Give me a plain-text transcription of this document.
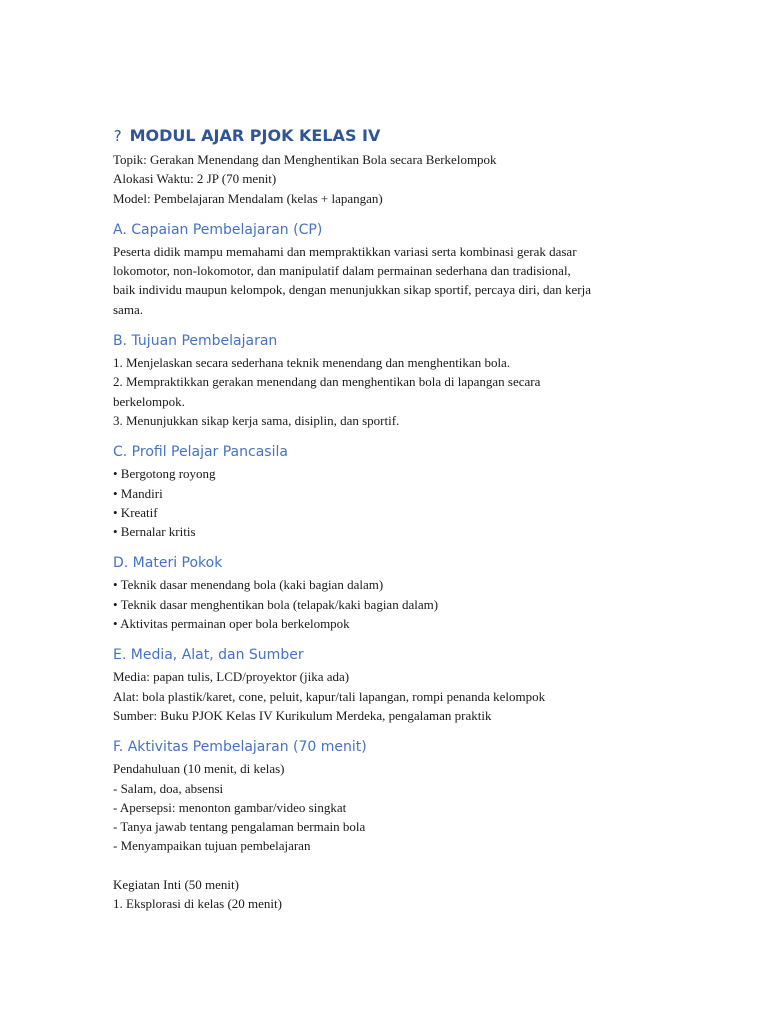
? MODUL AJAR PJOK KELAS IV
Topik: Gerakan Menendang dan Menghentikan Bola secara Berkelompok
Alokasi Waktu: 2 JP (70 menit)
Model: Pembelajaran Mendalam (kelas + lapangan)
A. Capaian Pembelajaran (CP)
Peserta didik mampu memahami dan mempraktikkan variasi serta kombinasi gerak dasar
lokomotor, non-lokomotor, dan manipulatif dalam permainan sederhana dan tradisional,
baik individu maupun kelompok, dengan menunjukkan sikap sportif, percaya diri, dan kerja
sama.
B. Tujuan Pembelajaran
1. Menjelaskan secara sederhana teknik menendang dan menghentikan bola.
2. Mempraktikkan gerakan menendang dan menghentikan bola di lapangan secara
berkelompok.
3. Menunjukkan sikap kerja sama, disiplin, dan sportif.
C. Profil Pelajar Pancasila
• Bergotong royong
• Mandiri
• Kreatif
• Bernalar kritis
D. Materi Pokok
• Teknik dasar menendang bola (kaki bagian dalam)
• Teknik dasar menghentikan bola (telapak/kaki bagian dalam)
• Aktivitas permainan oper bola berkelompok
E. Media, Alat, dan Sumber
Media: papan tulis, LCD/proyektor (jika ada)
Alat: bola plastik/karet, cone, peluit, kapur/tali lapangan, rompi penanda kelompok
Sumber: Buku PJOK Kelas IV Kurikulum Merdeka, pengalaman praktik
F. Aktivitas Pembelajaran (70 menit)
Pendahuluan (10 menit, di kelas)
- Salam, doa, absensi
- Apersepsi: menonton gambar/video singkat
- Tanya jawab tentang pengalaman bermain bola
- Menyampaikan tujuan pembelajaran
Kegiatan Inti (50 menit)
1. Eksplorasi di kelas (20 menit)
